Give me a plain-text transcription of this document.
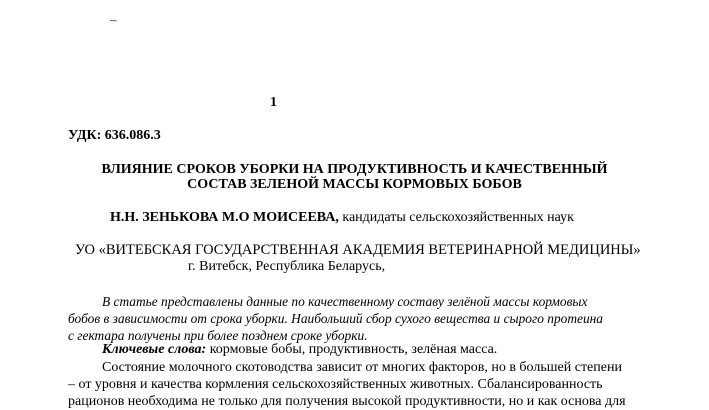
–
1
УДК: 636.086.3
ВЛИЯНИЕ СРОКОВ УБОРКИ НА ПРОДУКТИВНОСТЬ И КАЧЕСТВЕННЫЙ
СОСТАВ ЗЕЛЕНОЙ МАССЫ КОРМОВЫХ БОБОВ
Н.Н. ЗЕНЬКОВА М.О МОИСЕЕВА, кандидаты сельскохозяйственных наук
УО «ВИТЕБСКАЯ ГОСУДАРСТВЕННАЯ АКАДЕМИЯ ВЕТЕРИНАРНОЙ МЕДИЦИНЫ»
г. Витебск, Республика Беларусь,
В статье представлены данные по качественному составу зелёной массы кормовых
бобов в зависимости от срока уборки. Наибольший сбор сухого вещества и сырого протеина
с гектара получены при более позднем сроке уборки.
Ключевые слова: кормовые бобы, продуктивность, зелёная масса.
Состояние молочного скотоводства зависит от многих факторов, но в большей степени
– от уровня и качества кормления сельскохозяйственных животных. Сбалансированность
рационов необходима не только для получения высокой продуктивности, но и как основа для
